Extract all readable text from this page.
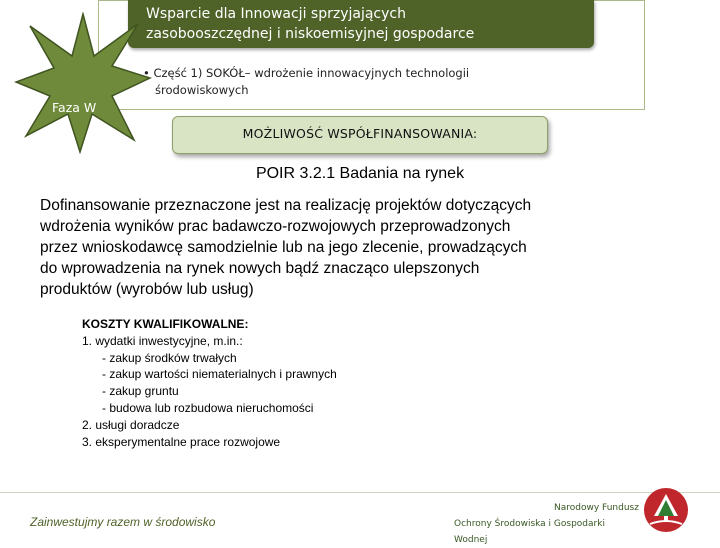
Wsparcie dla Innowacji sprzyjających
zasobooszczędnej i niskoemisyjnej gospodarce
• Część 1) SOKÓŁ– wdrożenie innowacyjnych technologii
środowiskowych
Faza W
MOŻLIWOŚĆ WSPÓŁFINANSOWANIA:
POIR 3.2.1 Badania na rynek
Dofinansowanie przeznaczone jest na realizację projektów dotyczących
wdrożenia wyników prac badawczo-rozwojowych przeprowadzonych
przez wnioskodawcę samodzielnie lub na jego zlecenie, prowadzących
do wprowadzenia na rynek nowych bądź znacząco ulepszonych
produktów (wyrobów lub usług)
KOSZTY KWALIFIKOWALNE:
1. wydatki inwestycyjne, m.in.:
- zakup środków trwałych
- zakup wartości niematerialnych i prawnych
- zakup gruntu
- budowa lub rozbudowa nieruchomości
2. usługi doradcze
3. eksperymentalne prace rozwojowe
Zainwestujmy razem w środowisko
Narodowy Fundusz
Ochrony Środowiska i Gospodarki Wodnej
